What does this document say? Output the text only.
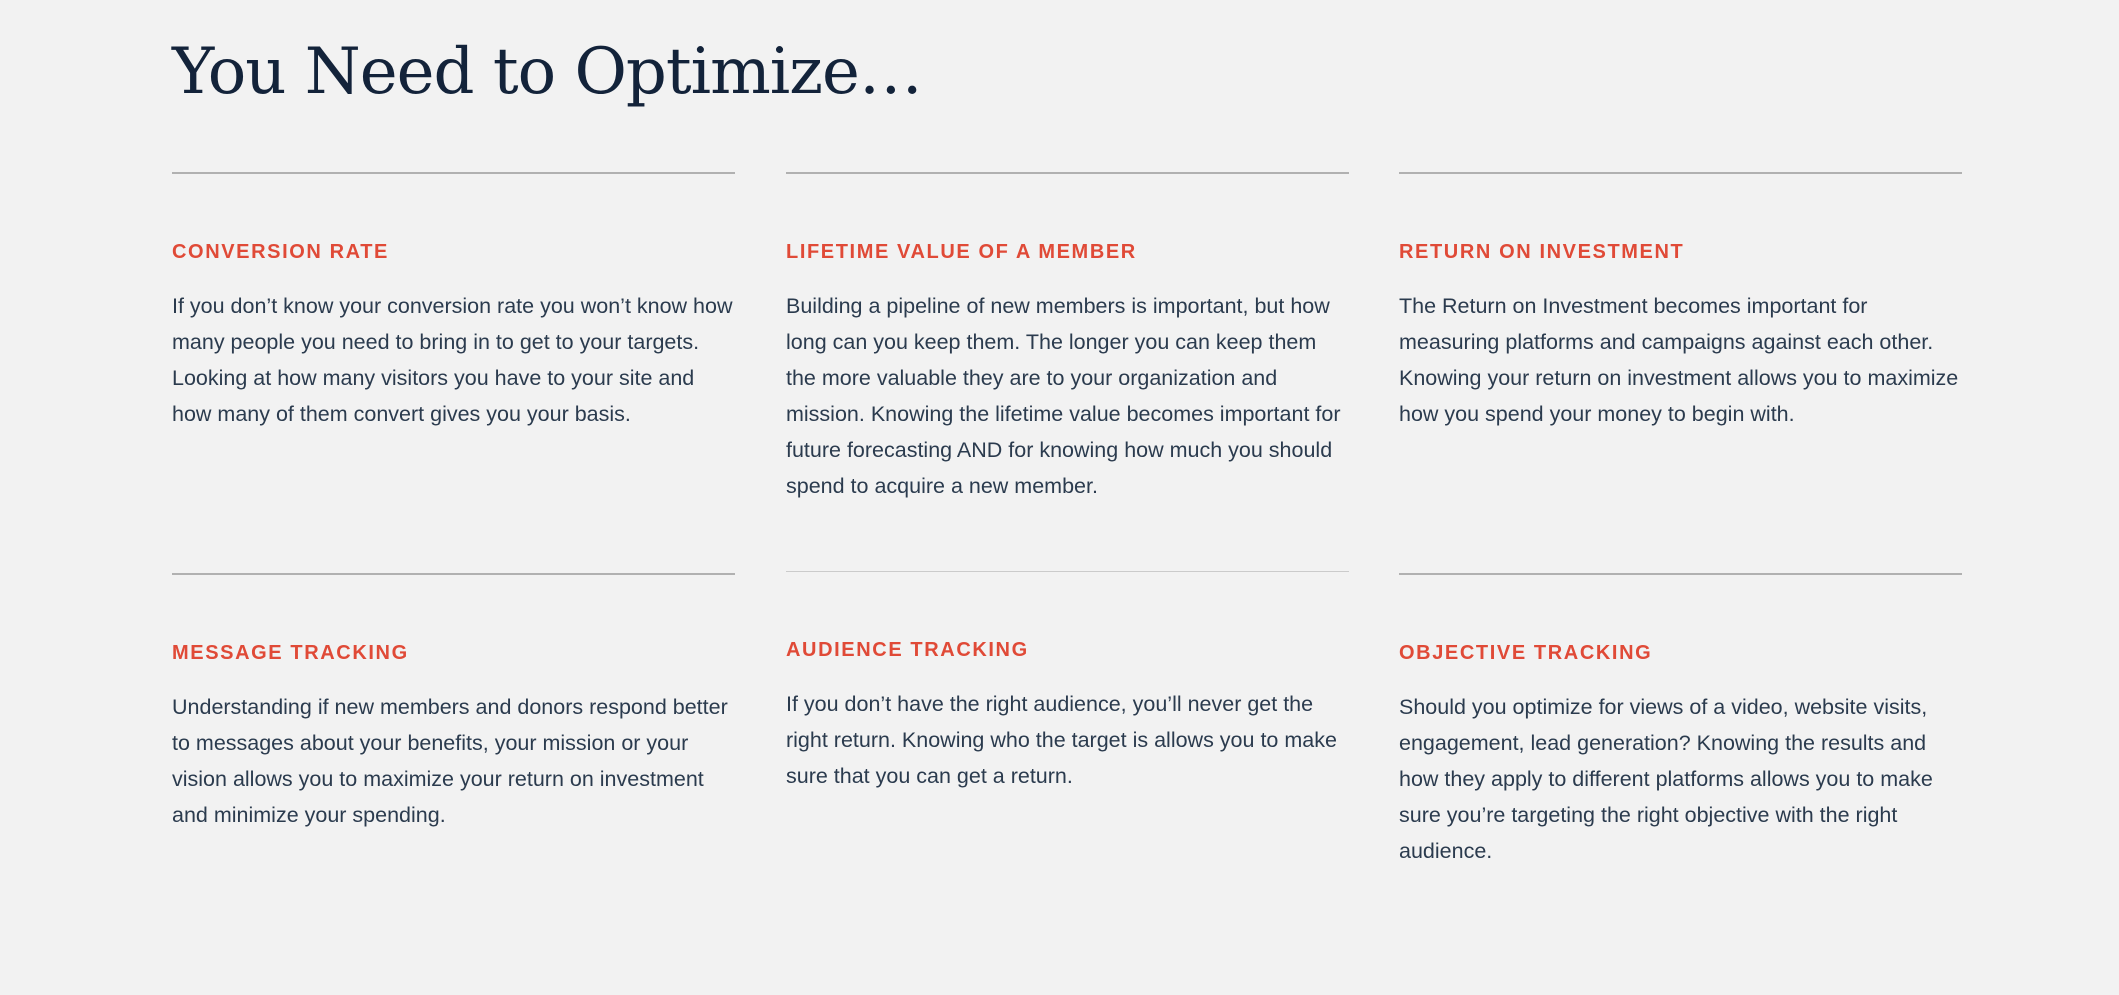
You Need to Optimize…
CONVERSION RATE

If you don’t know your conversion rate you won’t know how many people you need to bring in to get to your targets. Looking at how many visitors you have to your site and how many of them convert gives you your basis.

LIFETIME VALUE OF A MEMBER

Building a pipeline of new members is important, but how long can you keep them. The longer you can keep them the more valuable they are to your organization and mission. Knowing the lifetime value becomes important for future forecasting AND for knowing how much you should spend to acquire a new member.

RETURN ON INVESTMENT

The Return on Investment becomes important for measuring platforms and campaigns against each other. Knowing your return on investment allows you to maximize how you spend your money to begin with.

MESSAGE TRACKING

Understanding if new members and donors respond better to messages about your benefits, your mission or your vision allows you to maximize your return on investment and minimize your spending.

AUDIENCE TRACKING

If you don’t have the right audience, you’ll never get the right return. Knowing who the target is allows you to make sure that you can get a return.

OBJECTIVE TRACKING

Should you optimize for views of a video, website visits, engagement, lead generation? Knowing the results and how they apply to different platforms allows you to make sure you’re targeting the right objective with the right audience.
